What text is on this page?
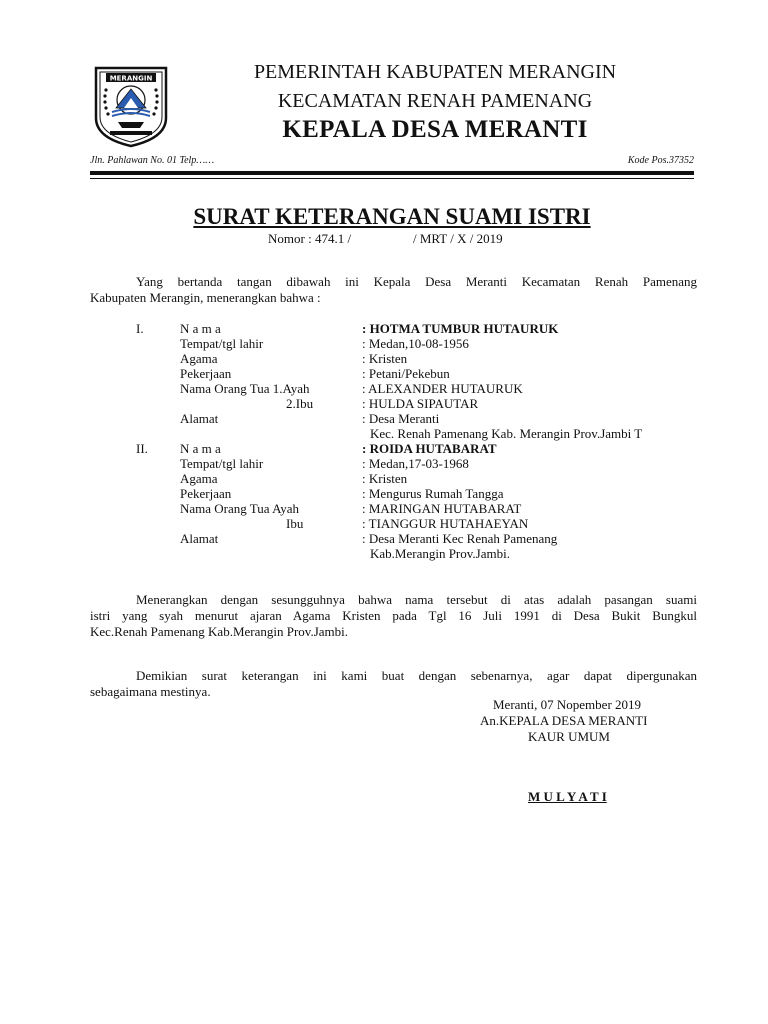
MERANGIN	PEMERINTAH KABUPATEN MERANGIN
KECAMATAN RENAH PAMENANG
KEPALA DESA MERANTI
Jln. Pahlawan No. 01 Telp……	Kode Pos.37352
SURAT KETERANGAN SUAMI ISTRI
Nomor : 474.1 /	/ MRT / X / 2019
Yang bertanda tangan dibawah ini Kepala Desa Meranti Kecamatan Renah Pamenang
Kabupaten Merangin, menerangkan bahwa :
I.	N a m a	: HOTMA TUMBUR HUTAURUK
Tempat/tgl lahir	: Medan,10-08-1956
Agama	: Kristen
Pekerjaan	: Petani/Pekebun
Nama Orang Tua 1.Ayah	: ALEXANDER HUTAURUK
2.Ibu	: HULDA SIPAUTAR
Alamat	: Desa Meranti
Kec. Renah Pamenang Kab. Merangin Prov.Jambi T
II. N a m a	: ROIDA HUTABARAT
Tempat/tgl lahir	: Medan,17-03-1968
Agama	: Kristen
Pekerjaan	: Mengurus Rumah Tangga
Nama Orang Tua Ayah	: MARINGAN HUTABARAT
Ibu	: TIANGGUR HUTAHAEYAN
Alamat	: Desa Meranti Kec Renah Pamenang
Kab.Merangin Prov.Jambi.
Menerangkan dengan sesungguhnya bahwa nama tersebut di atas adalah pasangan suami
istri yang syah menurut ajaran Agama Kristen pada Tgl 16 Juli 1991 di Desa Bukit Bungkul
Kec.Renah Pamenang Kab.Merangin Prov.Jambi.
Demikian surat keterangan ini kami buat dengan sebenarnya, agar dapat dipergunakan
sebagaimana mestinya.
Meranti, 07 Nopember 2019
An.KEPALA DESA MERANTI
KAUR UMUM
M U L Y A T I
